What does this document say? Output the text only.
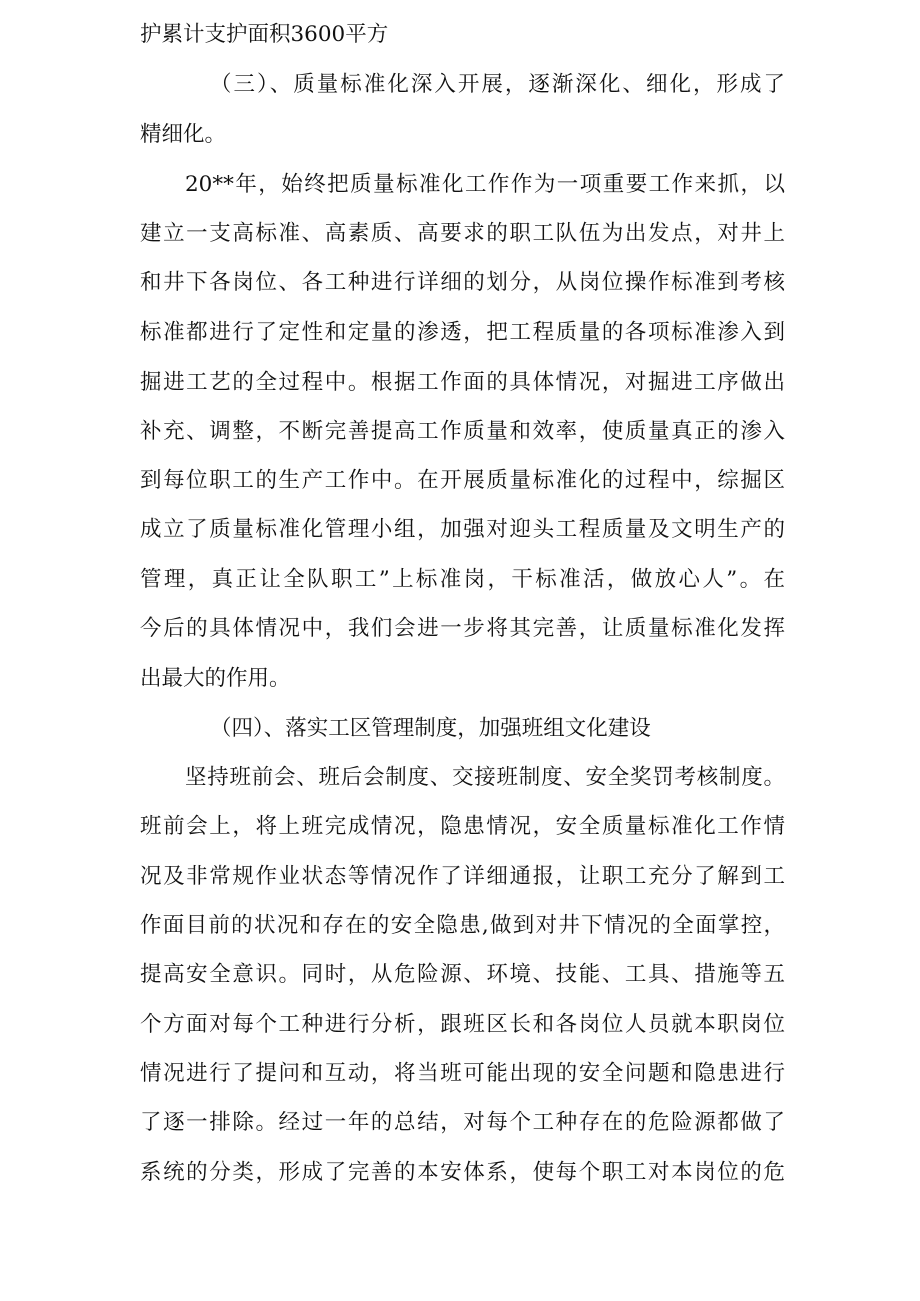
护累计支护面积3600平方
（三）、质量标准化深入开展，逐渐深化、细化，形成了
精细化。
20**年，始终把质量标准化工作作为一项重要工作来抓，以
建立一支高标准、高素质、高要求的职工队伍为出发点，对井上
和井下各岗位、各工种进行详细的划分，从岗位操作标准到考核
标准都进行了定性和定量的渗透，把工程质量的各项标准渗入到
掘进工艺的全过程中。根据工作面的具体情况，对掘进工序做出
补充、调整，不断完善提高工作质量和效率，使质量真正的渗入
到每位职工的生产工作中。在开展质量标准化的过程中，综掘区
成立了质量标准化管理小组，加强对迎头工程质量及文明生产的
管理，真正让全队职工”上标准岗，干标准活，做放心人”。在
今后的具体情况中，我们会进一步将其完善，让质量标准化发挥
出最大的作用。
（四）、落实工区管理制度，加强班组文化建设
坚持班前会、班后会制度、交接班制度、安全奖罚考核制度。
班前会上，将上班完成情况，隐患情况，安全质量标准化工作情
况及非常规作业状态等情况作了详细通报，让职工充分了解到工
作面目前的状况和存在的安全隐患,做到对井下情况的全面掌控，
提高安全意识。同时，从危险源、环境、技能、工具、措施等五
个方面对每个工种进行分析，跟班区长和各岗位人员就本职岗位
情况进行了提问和互动，将当班可能出现的安全问题和隐患进行
了逐一排除。经过一年的总结，对每个工种存在的危险源都做了
系统的分类，形成了完善的本安体系，使每个职工对本岗位的危
